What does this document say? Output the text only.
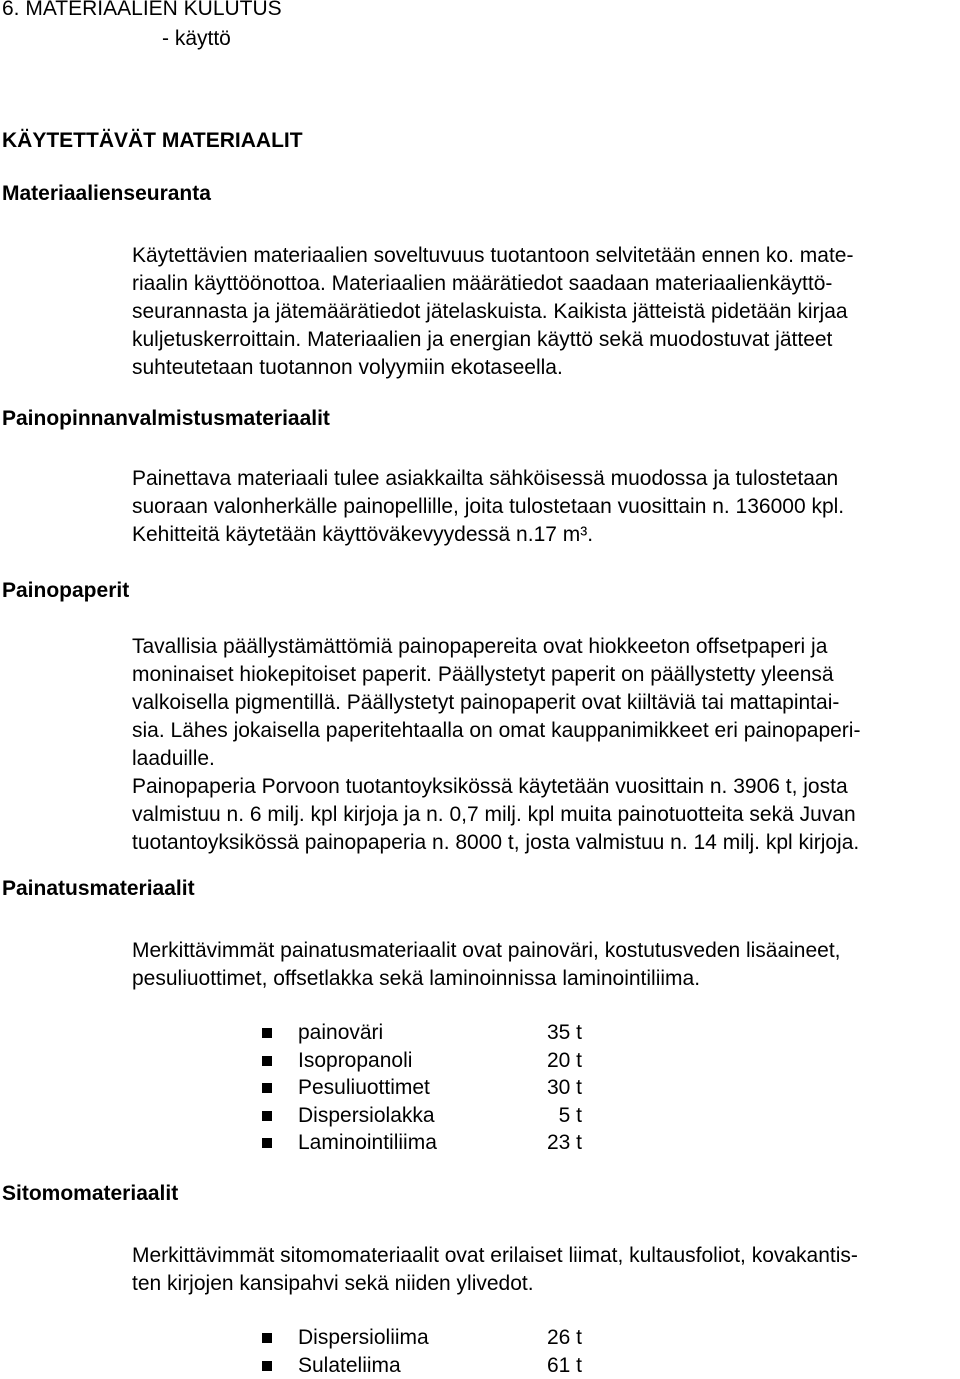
6. MATERIAALIEN KULUTUS
- käyttö
KÄYTETTÄVÄT MATERIAALIT
Materiaalienseuranta
Käytettävien materiaalien soveltuvuus tuotantoon selvitetään ennen ko. mate-
riaalin käyttöönottoa. Materiaalien määrätiedot saadaan materiaalienkäyttö-
seurannasta ja jätemäärätiedot jätelaskuista. Kaikista jätteistä pidetään kirjaa
kuljetuskerroittain. Materiaalien ja energian käyttö sekä muodostuvat jätteet
suhteutetaan tuotannon volyymiin ekotaseella.
Painopinnanvalmistusmateriaalit
Painettava materiaali tulee asiakkailta sähköisessä muodossa ja tulostetaan
suoraan valonherkälle painopellille, joita tulostetaan vuosittain n. 136000 kpl.
Kehitteitä käytetään käyttöväkevyydessä n.17 m³.
Painopaperit
Tavallisia päällystämättömiä painopapereita ovat hiokkeeton offsetpaperi ja
moninaiset hiokepitoiset paperit. Päällystetyt paperit on päällystetty yleensä
valkoisella pigmentillä. Päällystetyt painopaperit ovat kiiltäviä tai mattapintai-
sia. Lähes jokaisella paperitehtaalla on omat kauppanimikkeet eri painopaperi-
laaduille.
Painopaperia Porvoon tuotantoyksikössä käytetään vuosittain n. 3906 t, josta
valmistuu n. 6 milj. kpl kirjoja ja n. 0,7 milj. kpl muita painotuotteita sekä Juvan
tuotantoyksikössä painopaperia n. 8000 t, josta valmistuu n. 14 milj. kpl kirjoja.
Painatusmateriaalit
Merkittävimmät painatusmateriaalit ovat painoväri, kostutusveden lisäaineet,
pesuliuottimet, offsetlakka sekä laminoinnissa laminointiliima.
painoväri	35 t
Isopropanoli	20 t
Pesuliuottimet	30 t
Dispersiolakka	5 t
Laminointiliima	23 t
Sitomomateriaalit
Merkittävimmät sitomomateriaalit ovat erilaiset liimat, kultausfoliot, kovakantis-
ten kirjojen kansipahvi sekä niiden ylivedot.
Dispersioliima	26 t
Sulateliima	61 t
